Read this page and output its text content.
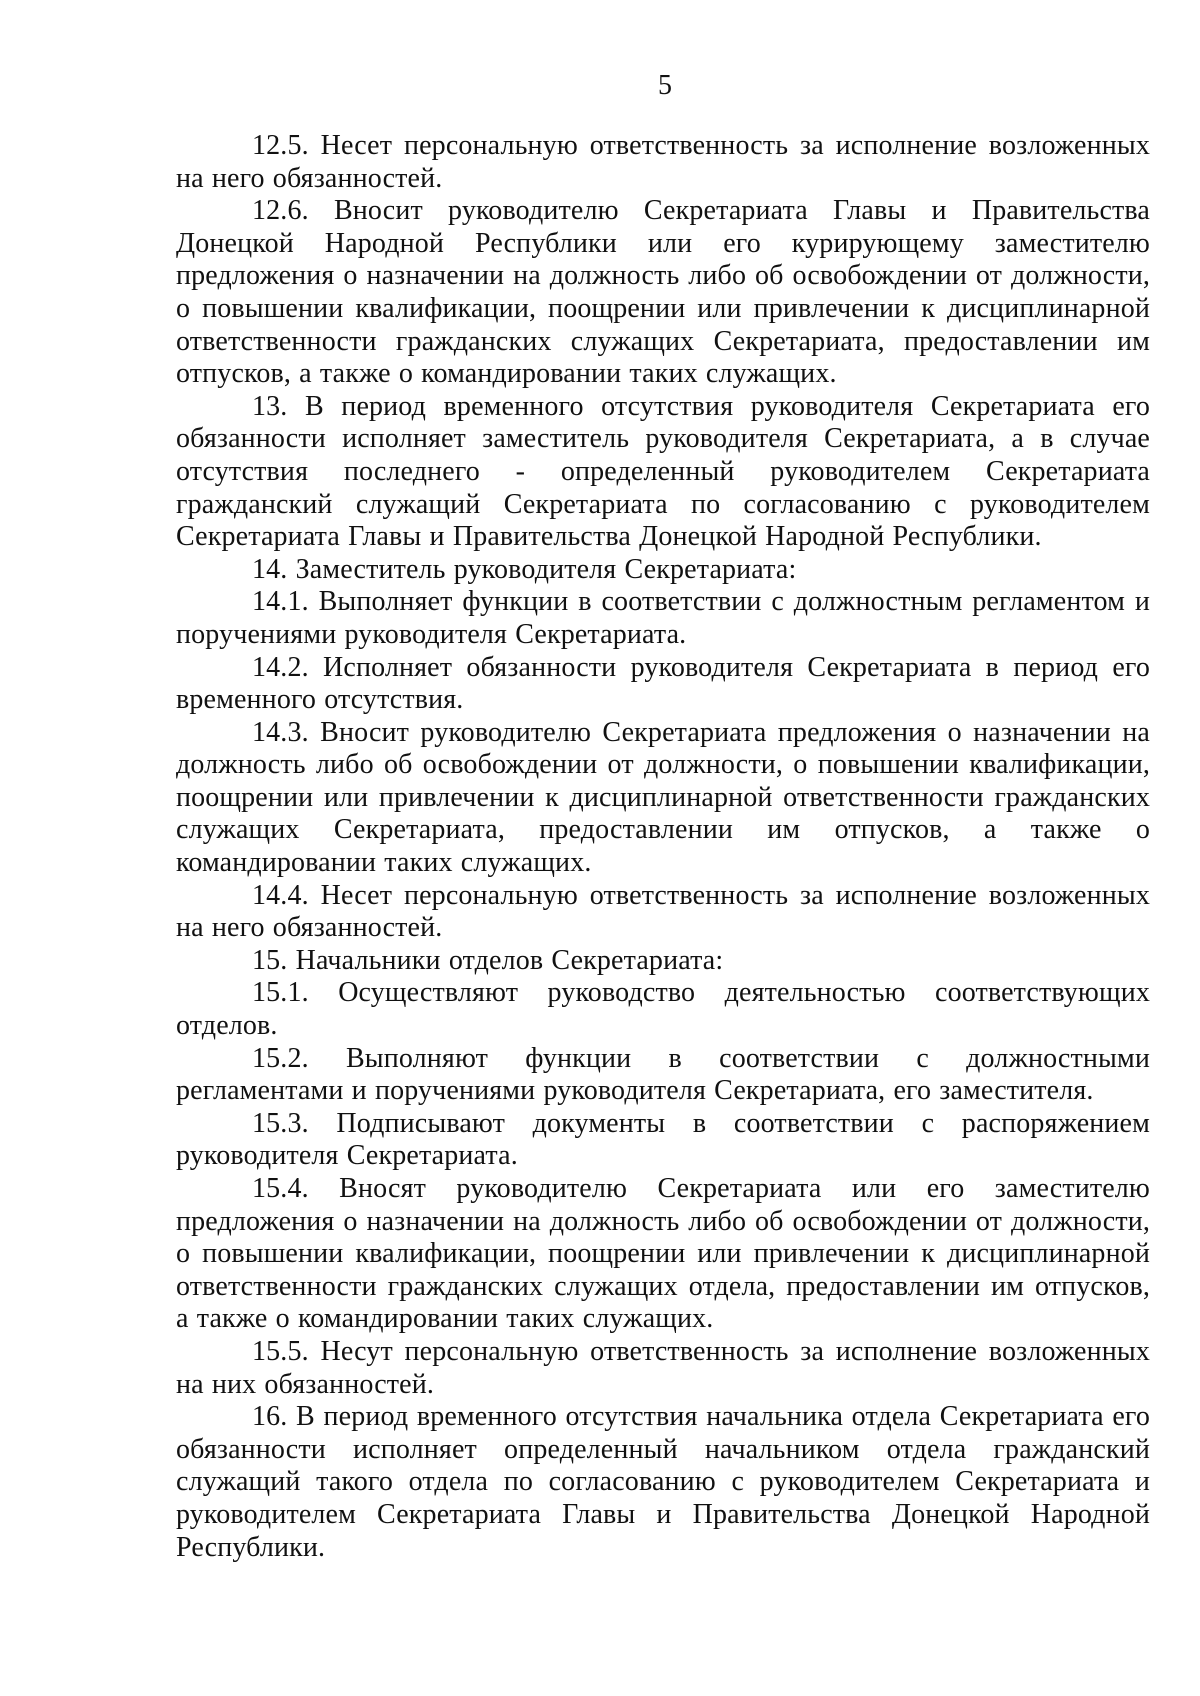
5

12.5. Несет персональную ответственность за исполнение возложенных на него обязанностей.

12.6. Вносит руководителю Секретариата Главы и Правительства Донецкой Народной Республики или его курирующему заместителю предложения о назначении на должность либо об освобождении от должности, о повышении квалификации, поощрении или привлечении к дисциплинарной ответственности гражданских служащих Секретариата, предоставлении им отпусков, а также о командировании таких служащих.

13. В период временного отсутствия руководителя Секретариата его обязанности исполняет заместитель руководителя Секретариата, а в случае отсутствия последнего - определенный руководителем Секретариата гражданский служащий Секретариата по согласованию с руководителем Секретариата Главы и Правительства Донецкой Народной Республики.

14. Заместитель руководителя Секретариата:

14.1. Выполняет функции в соответствии с должностным регламентом и поручениями руководителя Секретариата.

14.2. Исполняет обязанности руководителя Секретариата в период его временного отсутствия.

14.3. Вносит руководителю Секретариата предложения о назначении на должность либо об освобождении от должности, о повышении квалификации, поощрении или привлечении к дисциплинарной ответственности гражданских служащих Секретариата, предоставлении им отпусков, а также о командировании таких служащих.

14.4. Несет персональную ответственность за исполнение возложенных на него обязанностей.

15. Начальники отделов Секретариата:

15.1. Осуществляют руководство деятельностью соответствующих отделов.

15.2. Выполняют функции в соответствии с должностными регламентами и поручениями руководителя Секретариата, его заместителя.

15.3. Подписывают документы в соответствии с распоряжением руководителя Секретариата.

15.4. Вносят руководителю Секретариата или его заместителю предложения о назначении на должность либо об освобождении от должности, о повышении квалификации, поощрении или привлечении к дисциплинарной ответственности гражданских служащих отдела, предоставлении им отпусков, а также о командировании таких служащих.

15.5. Несут персональную ответственность за исполнение возложенных на них обязанностей.

16. В период временного отсутствия начальника отдела Секретариата его обязанности исполняет определенный начальником отдела гражданский служащий такого отдела по согласованию с руководителем Секретариата и руководителем Секретариата Главы и Правительства Донецкой Народной Республики.
